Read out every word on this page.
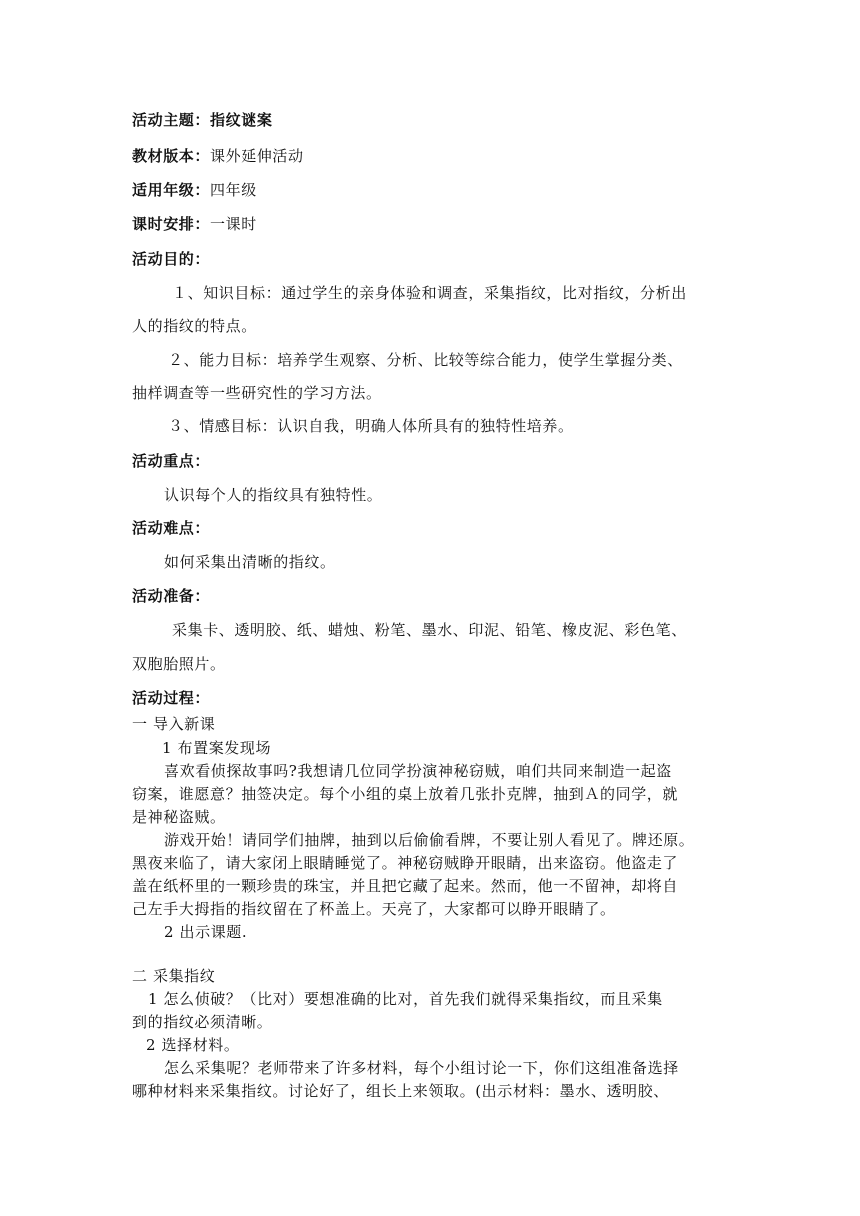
活动主题：指纹谜案
教材版本：课外延伸活动
适用年级：四年级
课时安排：一课时
活动目的：
１、知识目标：通过学生的亲身体验和调查，采集指纹，比对指纹，分析出
人的指纹的特点。
２、能力目标：培养学生观察、分析、比较等综合能力，使学生掌握分类、
抽样调查等一些研究性的学习方法。
３、情感目标：认识自我，明确人体所具有的独特性培养。
活动重点：
认识每个人的指纹具有独特性。
活动难点：
如何采集出清晰的指纹。
活动准备：
采集卡、透明胶、纸、蜡烛、粉笔、墨水、印泥、铅笔、橡皮泥、彩色笔、
双胞胎照片。
活动过程：
一 导入新课
1 布置案发现场
喜欢看侦探故事吗?我想请几位同学扮演神秘窃贼，咱们共同来制造一起盗
窃案，谁愿意？抽签决定。每个小组的桌上放着几张扑克牌，抽到Ａ的同学，就
是神秘盗贼。
游戏开始！请同学们抽牌，抽到以后偷偷看牌，不要让别人看见了。牌还原。
黑夜来临了，请大家闭上眼睛睡觉了。神秘窃贼睁开眼睛，出来盗窃。他盗走了
盖在纸杯里的一颗珍贵的珠宝，并且把它藏了起来。然而，他一不留神，却将自
己左手大拇指的指纹留在了杯盖上。天亮了，大家都可以睁开眼睛了。
2 出示课题.
二 采集指纹
1 怎么侦破？（比对）要想准确的比对，首先我们就得采集指纹，而且采集
到的指纹必须清晰。
2 选择材料。
怎么采集呢？老师带来了许多材料，每个小组讨论一下，你们这组准备选择
哪种材料来采集指纹。讨论好了，组长上来领取。(出示材料：墨水、透明胶、
